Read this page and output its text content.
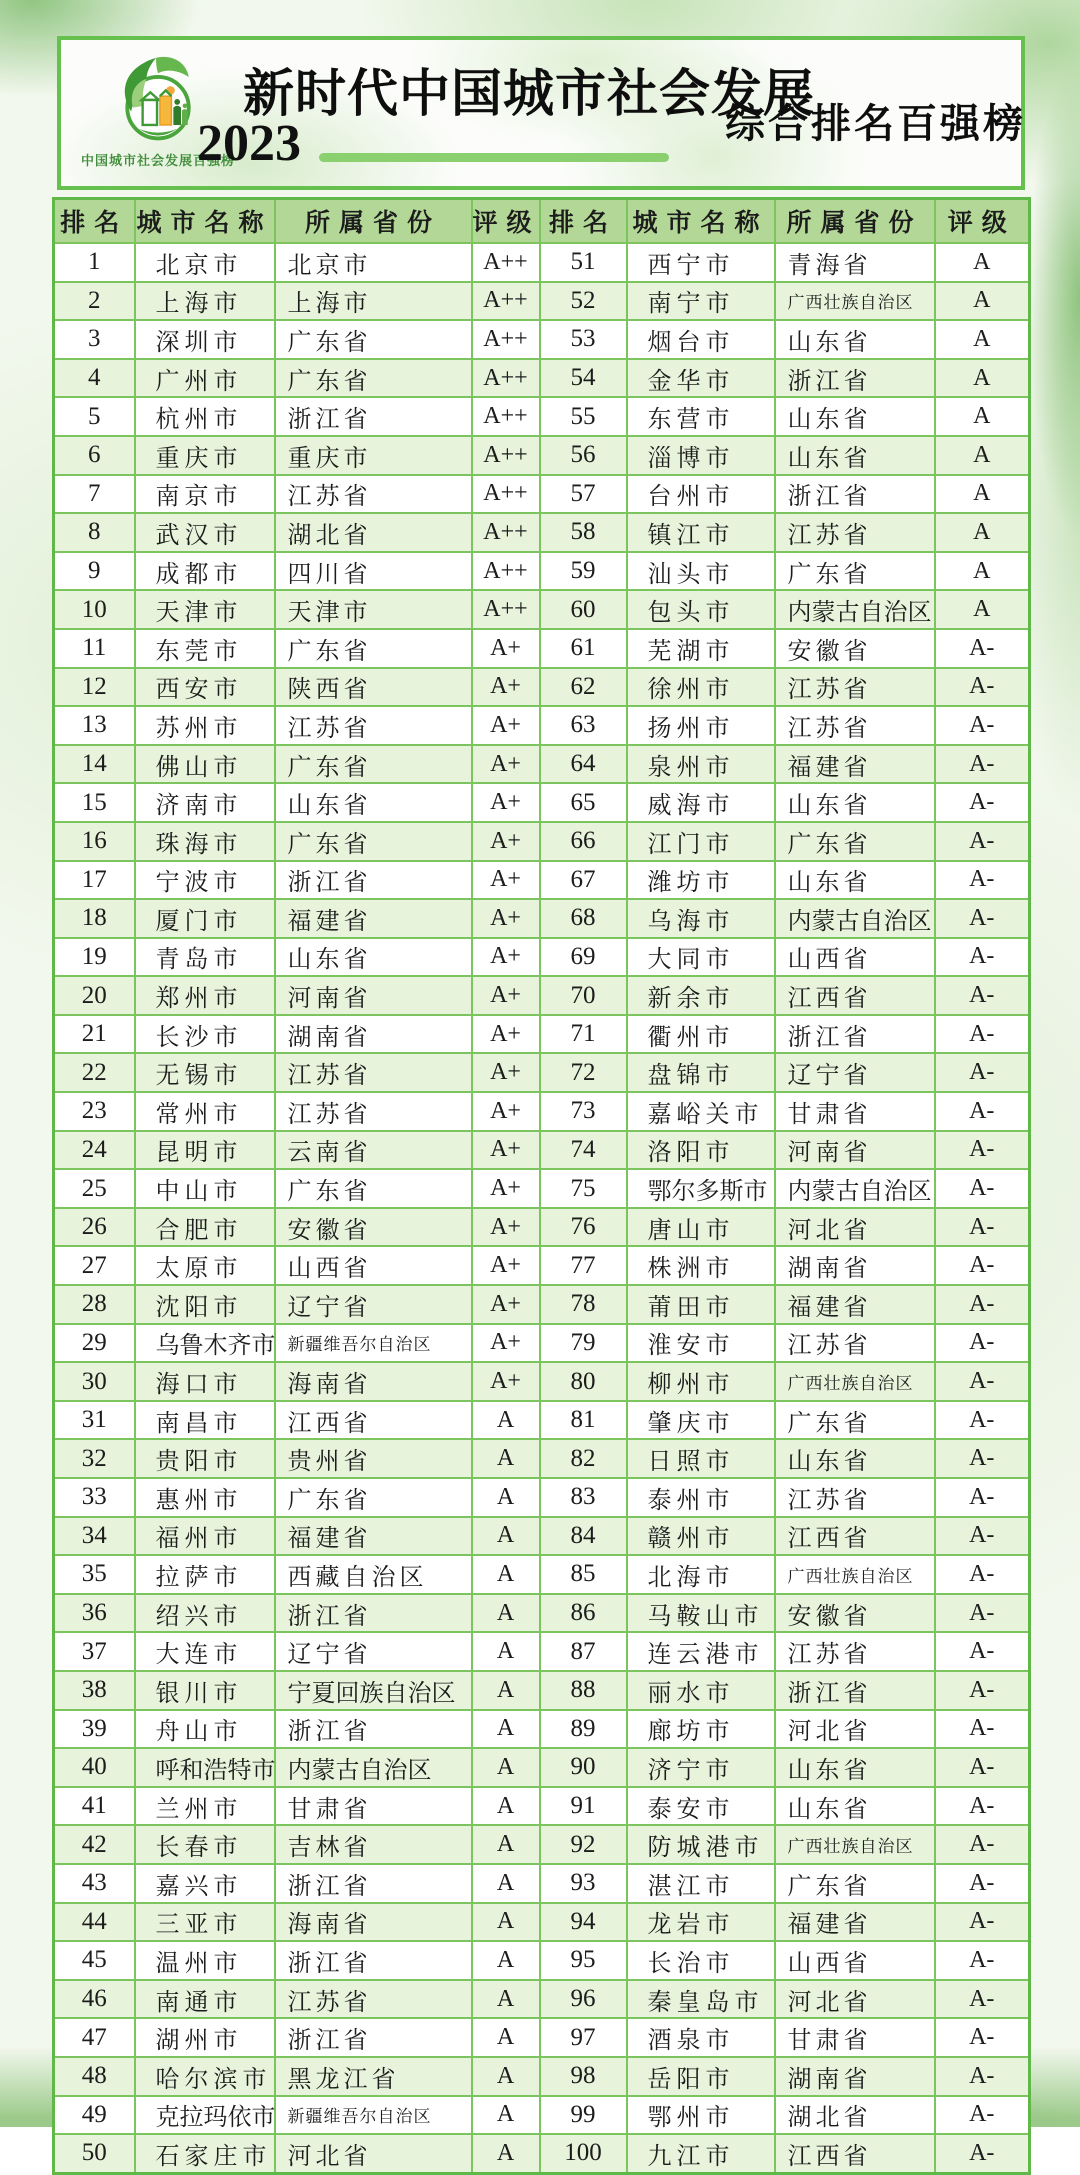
中国城市社会发展百强榜
新时代中国城市社会发展
2023	综合排名百强榜
排名	城市名称	所属省份	评级	排名	城市名称	所属省份	评级
1	北京市	北京市	A++	51	西宁市	青海省	A
2	上海市	上海市	A++	52	南宁市	广西壮族自治区	A
3	深圳市	广东省	A++	53	烟台市	山东省	A
4	广州市	广东省	A++	54	金华市	浙江省	A
5	杭州市	浙江省	A++	55	东营市	山东省	A
6	重庆市	重庆市	A++	56	淄博市	山东省	A
7	南京市	江苏省	A++	57	台州市	浙江省	A
8	武汉市	湖北省	A++	58	镇江市	江苏省	A
9	成都市	四川省	A++	59	汕头市	广东省	A
10	天津市	天津市	A++	60	包头市	内蒙古自治区	A
11	东莞市	广东省	A+	61	芜湖市	安徽省	A-
12	西安市	陕西省	A+	62	徐州市	江苏省	A-
13	苏州市	江苏省	A+	63	扬州市	江苏省	A-
14	佛山市	广东省	A+	64	泉州市	福建省	A-
15	济南市	山东省	A+	65	威海市	山东省	A-
16	珠海市	广东省	A+	66	江门市	广东省	A-
17	宁波市	浙江省	A+	67	潍坊市	山东省	A-
18	厦门市	福建省	A+	68	乌海市	内蒙古自治区	A-
19	青岛市	山东省	A+	69	大同市	山西省	A-
20	郑州市	河南省	A+	70	新余市	江西省	A-
21	长沙市	湖南省	A+	71	衢州市	浙江省	A-
22	无锡市	江苏省	A+	72	盘锦市	辽宁省	A-
23	常州市	江苏省	A+	73	嘉峪关市	甘肃省	A-
24	昆明市	云南省	A+	74	洛阳市	河南省	A-
25	中山市	广东省	A+	75	鄂尔多斯市	内蒙古自治区	A-
26	合肥市	安徽省	A+	76	唐山市	河北省	A-
27	太原市	山西省	A+	77	株洲市	湖南省	A-
28	沈阳市	辽宁省	A+	78	莆田市	福建省	A-
29	乌鲁木齐市	新疆维吾尔自治区	A+	79	淮安市	江苏省	A-
30	海口市	海南省	A+	80	柳州市	广西壮族自治区	A-
31	南昌市	江西省	A	81	肇庆市	广东省	A-
32	贵阳市	贵州省	A	82	日照市	山东省	A-
33	惠州市	广东省	A	83	泰州市	江苏省	A-
34	福州市	福建省	A	84	赣州市	江西省	A-
35	拉萨市	西藏自治区	A	85	北海市	广西壮族自治区	A-
36	绍兴市	浙江省	A	86	马鞍山市	安徽省	A-
37	大连市	辽宁省	A	87	连云港市	江苏省	A-
38	银川市	宁夏回族自治区	A	88	丽水市	浙江省	A-
39	舟山市	浙江省	A	89	廊坊市	河北省	A-
40	呼和浩特市	内蒙古自治区	A	90	济宁市	山东省	A-
41	兰州市	甘肃省	A	91	泰安市	山东省	A-
42	长春市	吉林省	A	92	防城港市	广西壮族自治区	A-
43	嘉兴市	浙江省	A	93	湛江市	广东省	A-
44	三亚市	海南省	A	94	龙岩市	福建省	A-
45	温州市	浙江省	A	95	长治市	山西省	A-
46	南通市	江苏省	A	96	秦皇岛市	河北省	A-
47	湖州市	浙江省	A	97	酒泉市	甘肃省	A-
48	哈尔滨市	黑龙江省	A	98	岳阳市	湖南省	A-
49	克拉玛依市	新疆维吾尔自治区	A	99	鄂州市	湖北省	A-
50	石家庄市	河北省	A	100	九江市	江西省	A-
